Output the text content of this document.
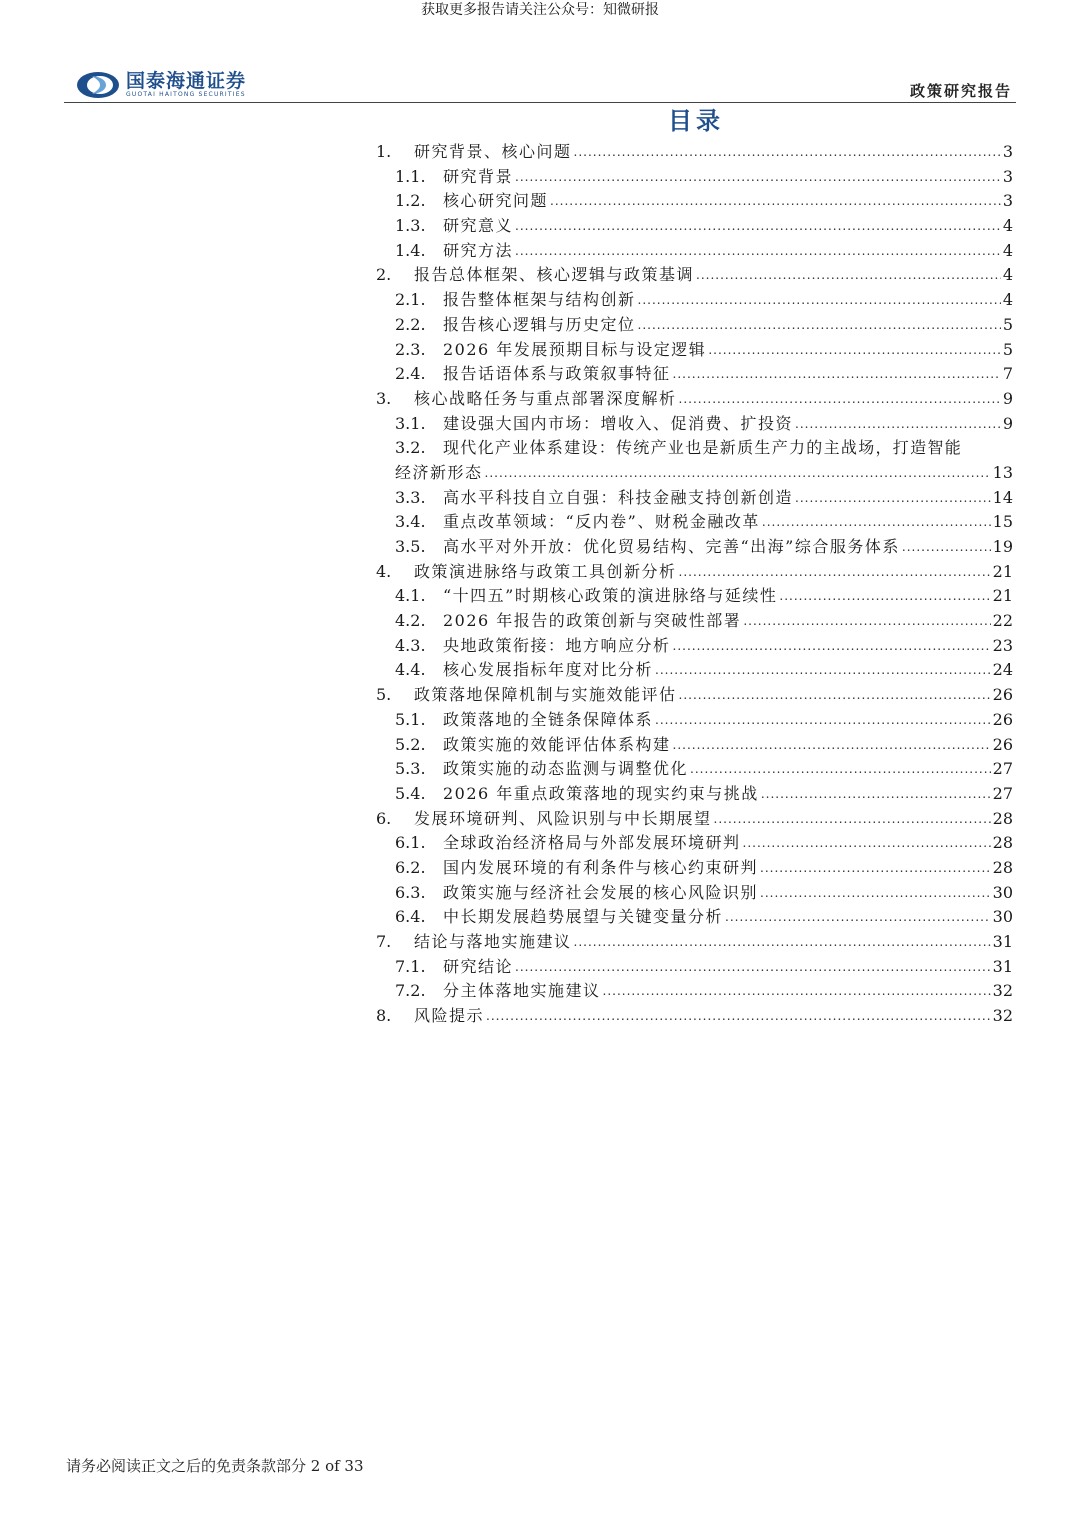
获取更多报告请关注公众号：知微研报
国泰海通证券
GUOTAI HAITONG SECURITIES	政策研究报告
目录
1.	研究背景、核心问题 .....	3
1.1.	研究背景 .....	3
1.2.	核心研究问题 .....	3
1.3.	研究意义 .....	4
1.4.	研究方法 .....	4
2.	报告总体框架、核心逻辑与政策基调 .....	4
2.1.	报告整体框架与结构创新 .....	4
2.2.	报告核心逻辑与历史定位 .....	5
2.3.	2026 年发展预期目标与设定逻辑 .....	5
2.4.	报告话语体系与政策叙事特征 .....	7
3.	核心战略任务与重点部署深度解析 .....	9
3.1.	建设强大国内市场：增收入、促消费、扩投资 .....	9
3.2.	现代化产业体系建设：传统产业也是新质生产力的主战场，打造智能
经济新形态 .....	13
3.3.	高水平科技自立自强：科技金融支持创新创造 .....	14
3.4.	重点改革领域：“反内卷”、财税金融改革 .....	15
3.5.	高水平对外开放：优化贸易结构、完善“出海”综合服务体系 .....	19
4.	政策演进脉络与政策工具创新分析 .....	21
4.1.	“十四五”时期核心政策的演进脉络与延续性 .....	21
4.2.	2026 年报告的政策创新与突破性部署 .....	22
4.3.	央地政策衔接：地方响应分析 .....	23
4.4.	核心发展指标年度对比分析 .....	24
5.	政策落地保障机制与实施效能评估 .....	26
5.1.	政策落地的全链条保障体系 .....	26
5.2.	政策实施的效能评估体系构建 .....	26
5.3.	政策实施的动态监测与调整优化 .....	27
5.4.	2026 年重点政策落地的现实约束与挑战 .....	27
6.	发展环境研判、风险识别与中长期展望 .....	28
6.1.	全球政治经济格局与外部发展环境研判 .....	28
6.2.	国内发展环境的有利条件与核心约束研判 .....	28
6.3.	政策实施与经济社会发展的核心风险识别 .....	30
6.4.	中长期发展趋势展望与关键变量分析 .....	30
7.	结论与落地实施建议 .....	31
7.1.	研究结论 .....	31
7.2.	分主体落地实施建议 .....	32
8.	风险提示 .....	32
请务必阅读正文之后的免责条款部分 2 of 33
